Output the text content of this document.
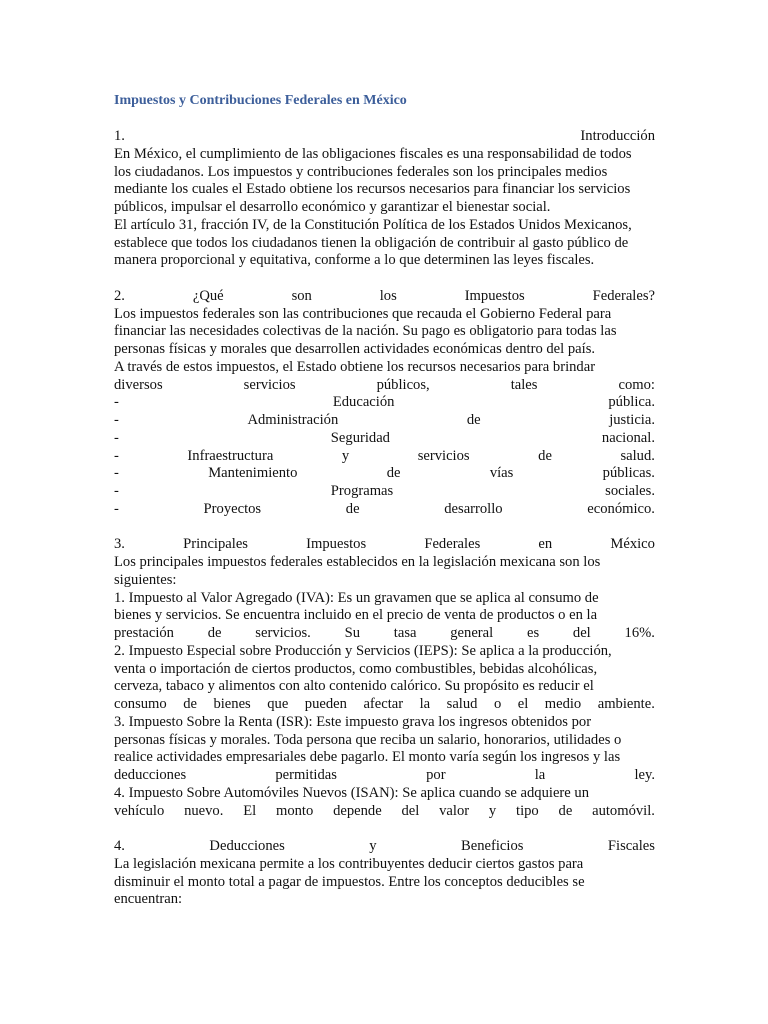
Impuestos y Contribuciones Federales en México
1.	Introducción
En México, el cumplimiento de las obligaciones fiscales es una responsabilidad de todos
los ciudadanos. Los impuestos y contribuciones federales son los principales medios
mediante los cuales el Estado obtiene los recursos necesarios para financiar los servicios
públicos, impulsar el desarrollo económico y garantizar el bienestar social.
El artículo 31, fracción IV, de la Constitución Política de los Estados Unidos Mexicanos,
establece que todos los ciudadanos tienen la obligación de contribuir al gasto público de
manera proporcional y equitativa, conforme a lo que determinen las leyes fiscales.
2.	¿Qué	son	los	Impuestos	Federales?
Los impuestos federales son las contribuciones que recauda el Gobierno Federal para
financiar las necesidades colectivas de la nación. Su pago es obligatorio para todas las
personas físicas y morales que desarrollen actividades económicas dentro del país.
A través de estos impuestos, el Estado obtiene los recursos necesarios para brindar
diversos	servicios	públicos,	tales	como:
-	Educación	pública.
-	Administración	de	justicia.
-	Seguridad	nacional.
-	Infraestructura	y	servicios	de	salud.
-	Mantenimiento	de	vías	públicas.
-	Programas	sociales.
-	Proyectos	de	desarrollo	económico.
3.	Principales	Impuestos	Federales	en	México
Los principales impuestos federales establecidos en la legislación mexicana son los
siguientes:
1. Impuesto al Valor Agregado (IVA): Es un gravamen que se aplica al consumo de
bienes y servicios. Se encuentra incluido en el precio de venta de productos o en la
prestación de servicios. Su tasa general es del 16%.
2. Impuesto Especial sobre Producción y Servicios (IEPS): Se aplica a la producción,
venta o importación de ciertos productos, como combustibles, bebidas alcohólicas,
cerveza, tabaco y alimentos con alto contenido calórico. Su propósito es reducir el
consumo de bienes que pueden afectar la salud o el medio ambiente.
3. Impuesto Sobre la Renta (ISR): Este impuesto grava los ingresos obtenidos por
personas físicas y morales. Toda persona que reciba un salario, honorarios, utilidades o
realice actividades empresariales debe pagarlo. El monto varía según los ingresos y las
deducciones	permitidas	por	la	ley.
4. Impuesto Sobre Automóviles Nuevos (ISAN): Se aplica cuando se adquiere un
vehículo nuevo. El monto depende del valor y tipo de automóvil.
4.	Deducciones	y	Beneficios	Fiscales
La legislación mexicana permite a los contribuyentes deducir ciertos gastos para
disminuir el monto total a pagar de impuestos. Entre los conceptos deducibles se
encuentran:
